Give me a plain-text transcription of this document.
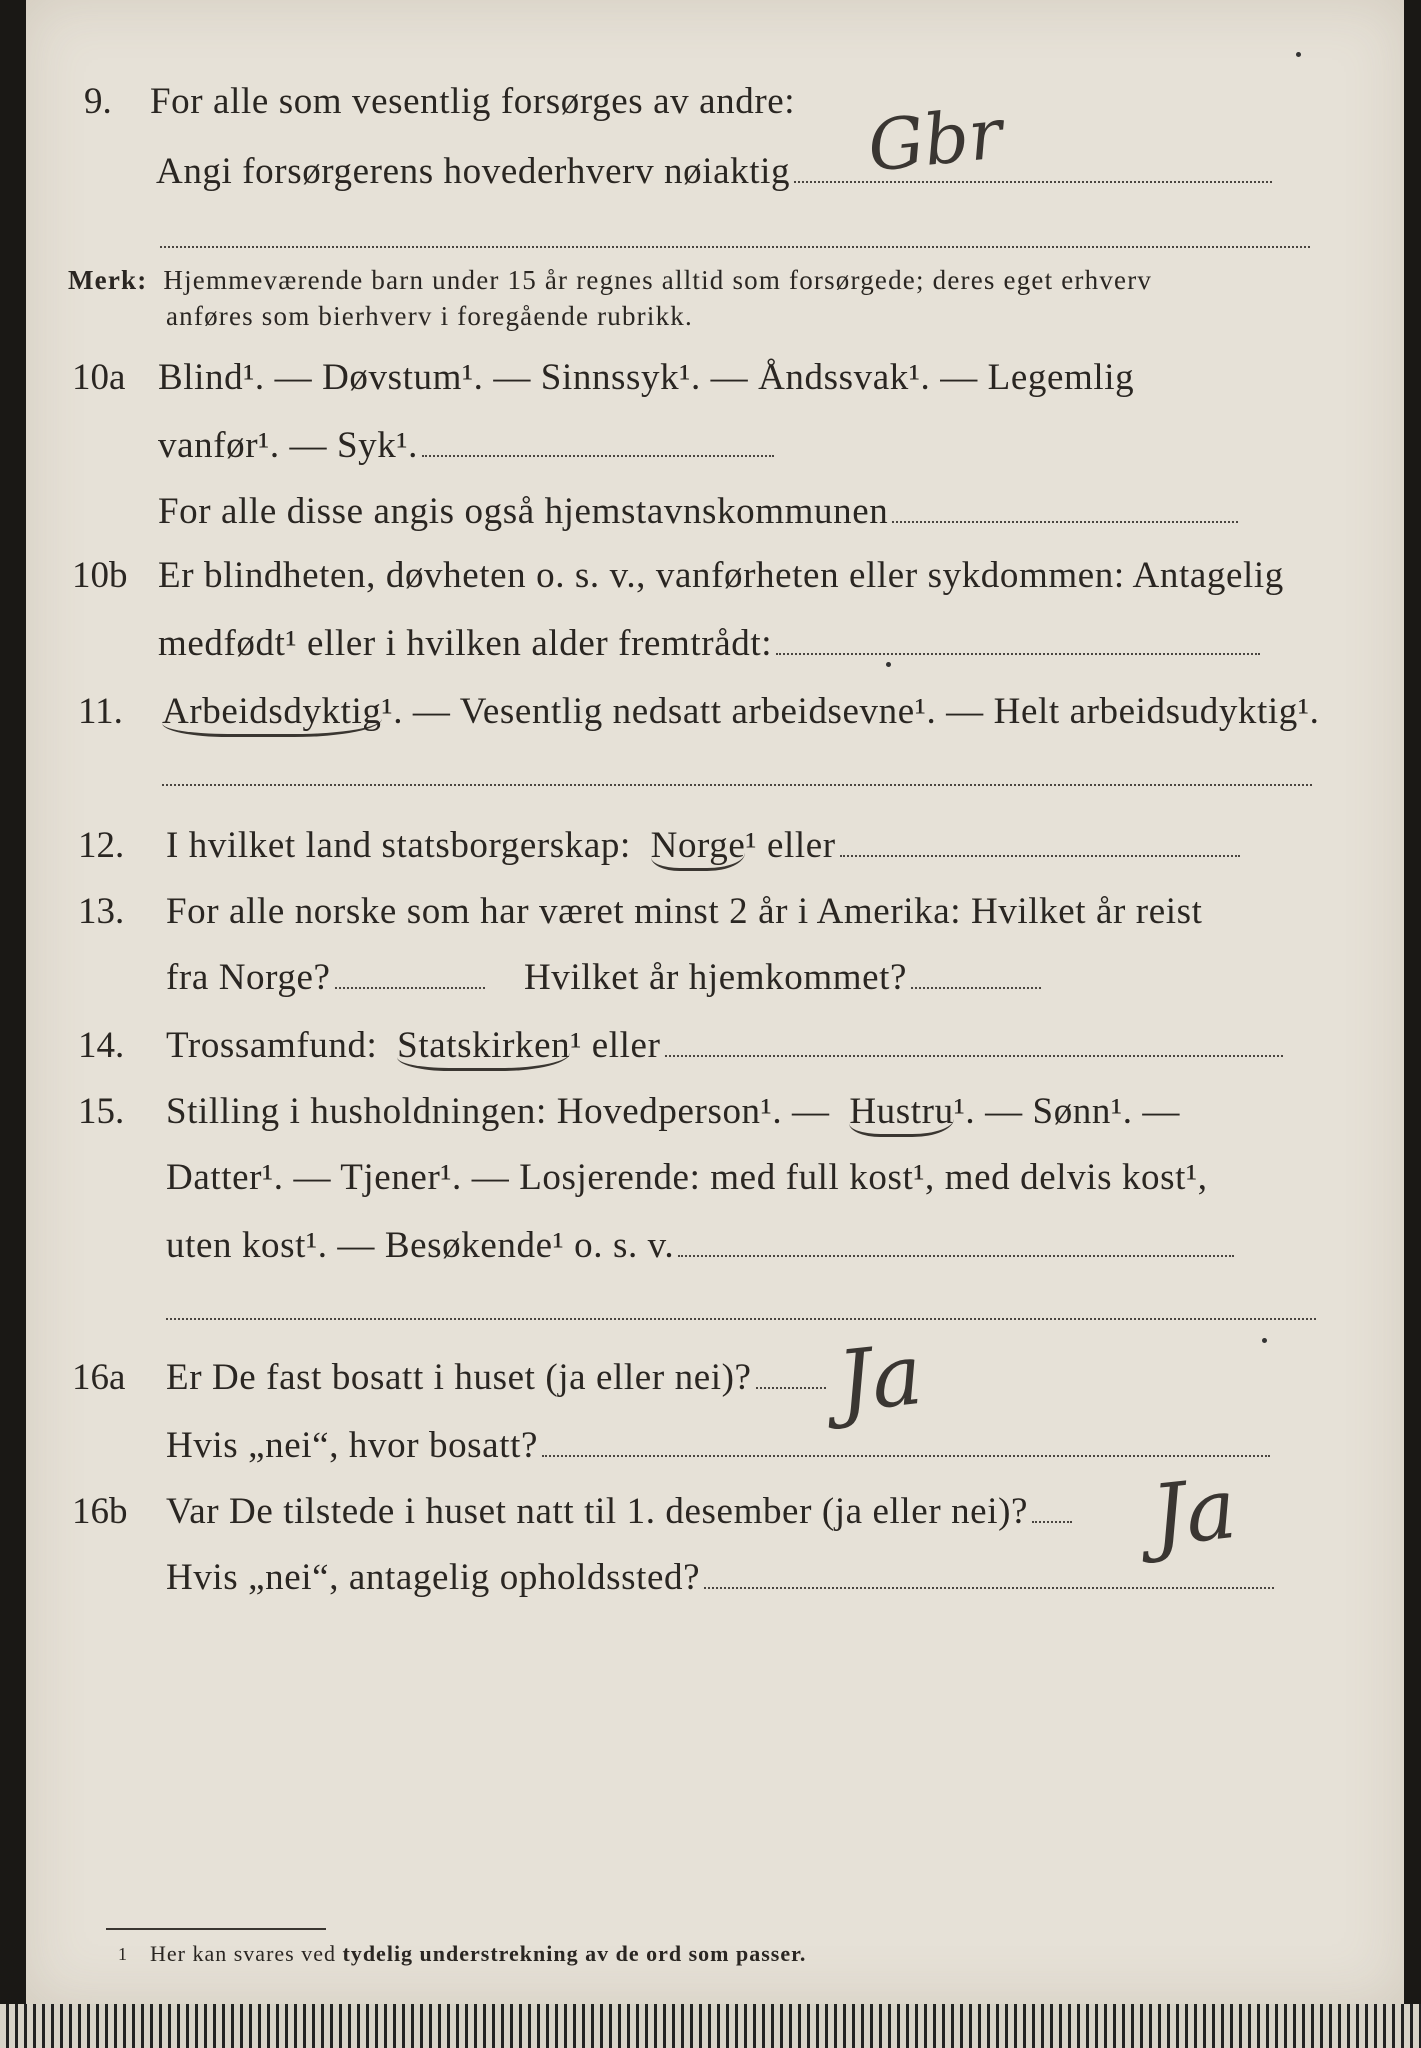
9. For alle som vesentlig forsørges av andre:
Angi forsørgerens hovederhverv nøiaktig	Gbr
Merk: Hjemmeværende barn under 15 år regnes alltid som forsørgede; deres eget erhverv
anføres som bierhverv i foregående rubrikk.
10a Blind¹. — Døvstum¹. — Sinnssyk¹. — Åndssvak¹. — Legemlig
vanfør¹. — Syk¹.
For alle disse angis også hjemstavnskommunen
10b Er blindheten, døvheten o. s. v., vanførheten eller sykdommen: Antagelig
medfødt¹ eller i hvilken alder fremtrådt:
11. Arbeidsdyktig¹. — Vesentlig nedsatt arbeidsevne¹. — Helt arbeidsudyktig¹.
12. I hvilket land statsborgerskap: Norge¹ eller
13. For alle norske som har været minst 2 år i Amerika: Hvilket år reist
fra Norge?	Hvilket år hjemkommet?
14. Trossamfund: Statskirken¹ eller
15. Stilling i husholdningen: Hovedperson¹. — Hustru¹. — Sønn¹. —
Datter¹. — Tjener¹. — Losjerende: med full kost¹, med delvis kost¹,
uten kost¹. — Besøkende¹ o. s. v.
16a Er De fast bosatt i huset (ja eller nei)?
Hvis „nei“, hvor bosatt?
Ja
16b Var De tilstede i huset natt til 1. desember (ja eller nei)?
Hvis „nei“, antagelig opholdssted?
Ja
1 Her kan svares ved tydelig understrekning av de ord som passer.
